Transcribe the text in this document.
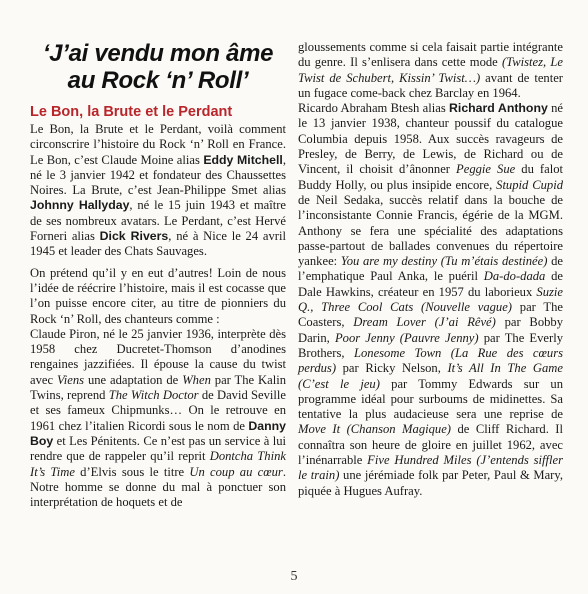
‘J’ai vendu mon âme
au Rock ‘n’ Roll’
Le Bon, la Brute et le Perdant

Le Bon, la Brute et le Perdant, voilà comment circonscrire l’histoire du Rock ‘n’ Roll en France. Le Bon, c’est Claude Moine alias Eddy Mitchell, né le 3 janvier 1942 et fondateur des Chaussettes Noires. La Brute, c’est Jean-Philippe Smet alias Johnny Hallyday, né le 15 juin 1943 et maître de ses nombreux avatars. Le Perdant, c’est Hervé Forneri alias Dick Rivers, né à Nice le 24 avril 1945 et leader des Chats Sauvages.

On prétend qu’il y en eut d’autres! Loin de nous l’idée de réécrire l’histoire, mais il est cocasse que l’on puisse encore citer, au titre de pionniers du Rock ‘n’ Roll, des chanteurs comme :

Claude Piron, né le 25 janvier 1936, interprète dès 1958 chez Ducretet-Thomson d’anodines rengaines jazzifiées. Il épouse la cause du twist avec Viens une adaptation de When par The Kalin Twins, reprend The Witch Doctor de David Seville et ses fameux Chipmunks… On le retrouve en 1961 chez l’italien Ricordi sous le nom de Danny Boy et Les Pénitents. Ce n’est pas un service à lui rendre que de rappeler qu’il reprit Dontcha Think It’s Time d’Elvis sous le titre Un coup au cœur. Notre homme se donne du mal à ponctuer son interprétation de hoquets et de

gloussements comme si cela faisait partie intégrante du genre. Il s’enlisera dans cette mode (Twistez, Le Twist de Schubert, Kissin’ Twist…) avant de tenter un fugace come-back chez Barclay en 1964.

Ricardo Abraham Btesh alias Richard Anthony né le 13 janvier 1938, chanteur poussif du catalogue Columbia depuis 1958. Aux succès ravageurs de Presley, de Berry, de Lewis, de Richard ou de Vincent, il choisit d’ânonner Peggie Sue du falot Buddy Holly, ou plus insipide encore, Stupid Cupid de Neil Sedaka, succès relatif dans la bouche de l’inconsistante Connie Francis, égérie de la MGM. Anthony se fera une spécialité des adaptations passe-partout de ballades convenues du répertoire yankee: You are my destiny (Tu m’étais destinée) de l’emphatique Paul Anka, le puéril Da-do-dada de Dale Hawkins, créateur en 1957 du laborieux Suzie Q., Three Cool Cats (Nouvelle vague) par The Coasters, Dream Lover (J’ai Rêvé) par Bobby Darin, Poor Jenny (Pauvre Jenny) par The Everly Brothers, Lonesome Town (La Rue des cœurs perdus) par Ricky Nelson, It’s All In The Game (C’est le jeu) par Tommy Edwards sur un programme idéal pour surboums de midinettes. Sa tentative la plus audacieuse sera une reprise de Move It (Chanson Magique) de Cliff Richard. Il connaîtra son heure de gloire en juillet 1962, avec l’inénarrable Five Hundred Miles (J’entends siffler le train) une jérémiade folk par Peter, Paul & Mary, piquée à Hugues Aufray.

5
